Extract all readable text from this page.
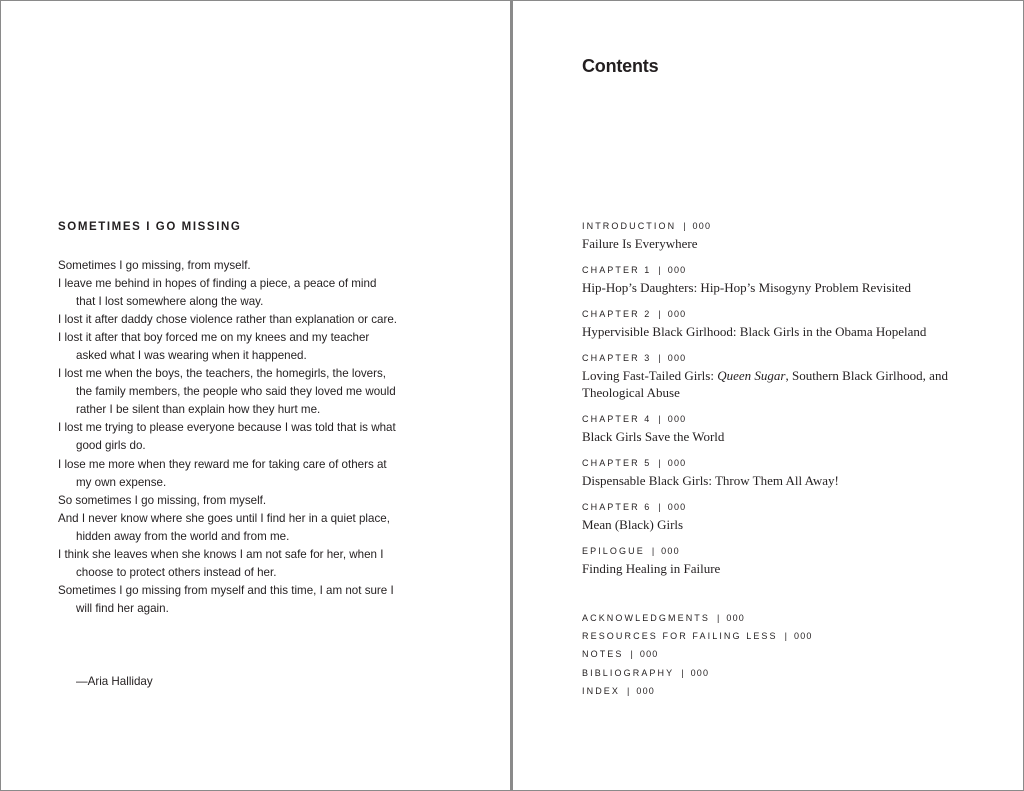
SOMETIMES I GO MISSING
Sometimes I go missing, from myself.
I leave me behind in hopes of finding a piece, a peace of mind that I lost somewhere along the way.
I lost it after daddy chose violence rather than explanation or care.
I lost it after that boy forced me on my knees and my teacher asked what I was wearing when it happened.
I lost me when the boys, the teachers, the homegirls, the lovers, the family members, the people who said they loved me would rather I be silent than explain how they hurt me.
I lost me trying to please everyone because I was told that is what good girls do.
I lose me more when they reward me for taking care of others at my own expense.
So sometimes I go missing, from myself.
And I never know where she goes until I find her in a quiet place, hidden away from the world and from me.
I think she leaves when she knows I am not safe for her, when I choose to protect others instead of her.
Sometimes I go missing from myself and this time, I am not sure I will find her again.
—Aria Halliday
Contents
INTRODUCTION | 000
Failure Is Everywhere
CHAPTER 1 | 000
Hip-Hop’s Daughters: Hip-Hop’s Misogyny Problem Revisited
CHAPTER 2 | 000
Hypervisible Black Girlhood: Black Girls in the Obama Hopeland
CHAPTER 3 | 000
Loving Fast-Tailed Girls: Queen Sugar, Southern Black Girlhood, and Theological Abuse
CHAPTER 4 | 000
Black Girls Save the World
CHAPTER 5 | 000
Dispensable Black Girls: Throw Them All Away!
CHAPTER 6 | 000
Mean (Black) Girls
EPILOGUE | 000
Finding Healing in Failure
ACKNOWLEDGMENTS | 000
RESOURCES FOR FAILING LESS | 000
NOTES | 000
BIBLIOGRAPHY | 000
INDEX | 000
